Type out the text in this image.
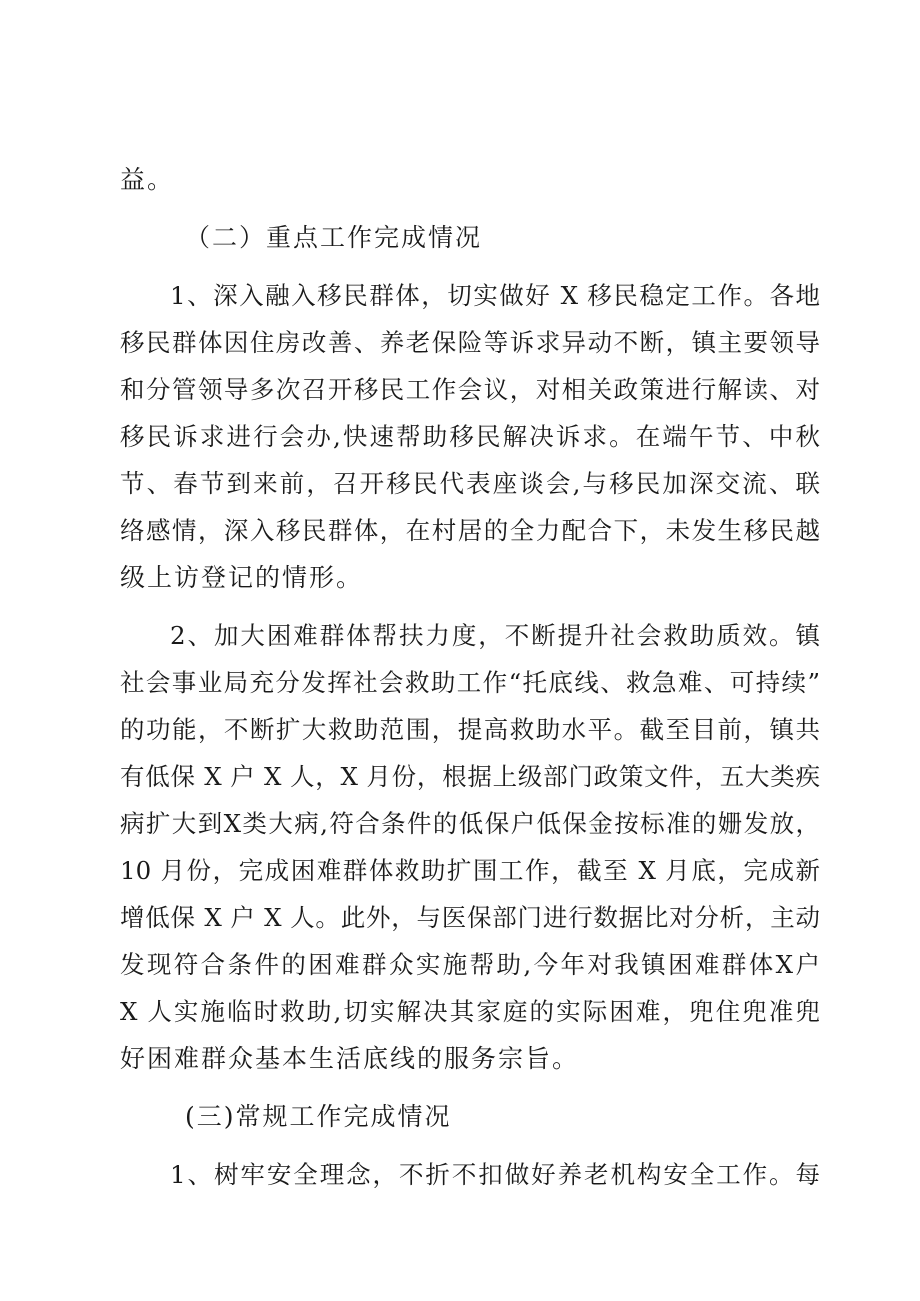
益。
（二）重点工作完成情况
1、深入融入移民群体，切实做好 X 移民稳定工作。各地
移民群体因住房改善、养老保险等诉求异动不断，镇主要领导
和分管领导多次召开移民工作会议，对相关政策进行解读、对
移民诉求进行会办,快速帮助移民解决诉求。在端午节、中秋
节、春节到来前，召开移民代表座谈会,与移民加深交流、联
络感情，深入移民群体，在村居的全力配合下，未发生移民越
级上访登记的情形。
2、加大困难群体帮扶力度，不断提升社会救助质效。镇
社会事业局充分发挥社会救助工作“托底线、救急难、可持续”
的功能，不断扩大救助范围，提高救助水平。截至目前，镇共
有低保 X 户 X 人，X 月份，根据上级部门政策文件，五大类疾
病扩大到X类大病,符合条件的低保户低保金按标准的姗发放，
10 月份，完成困难群体救助扩围工作，截至 X 月底，完成新
增低保 X 户 X 人。此外，与医保部门进行数据比对分析，主动
发现符合条件的困难群众实施帮助,今年对我镇困难群体X户
X 人实施临时救助,切实解决其家庭的实际困难，兜住兜准兜
好困难群众基本生活底线的服务宗旨。
(三)常规工作完成情况
1、树牢安全理念，不折不扣做好养老机构安全工作。每
